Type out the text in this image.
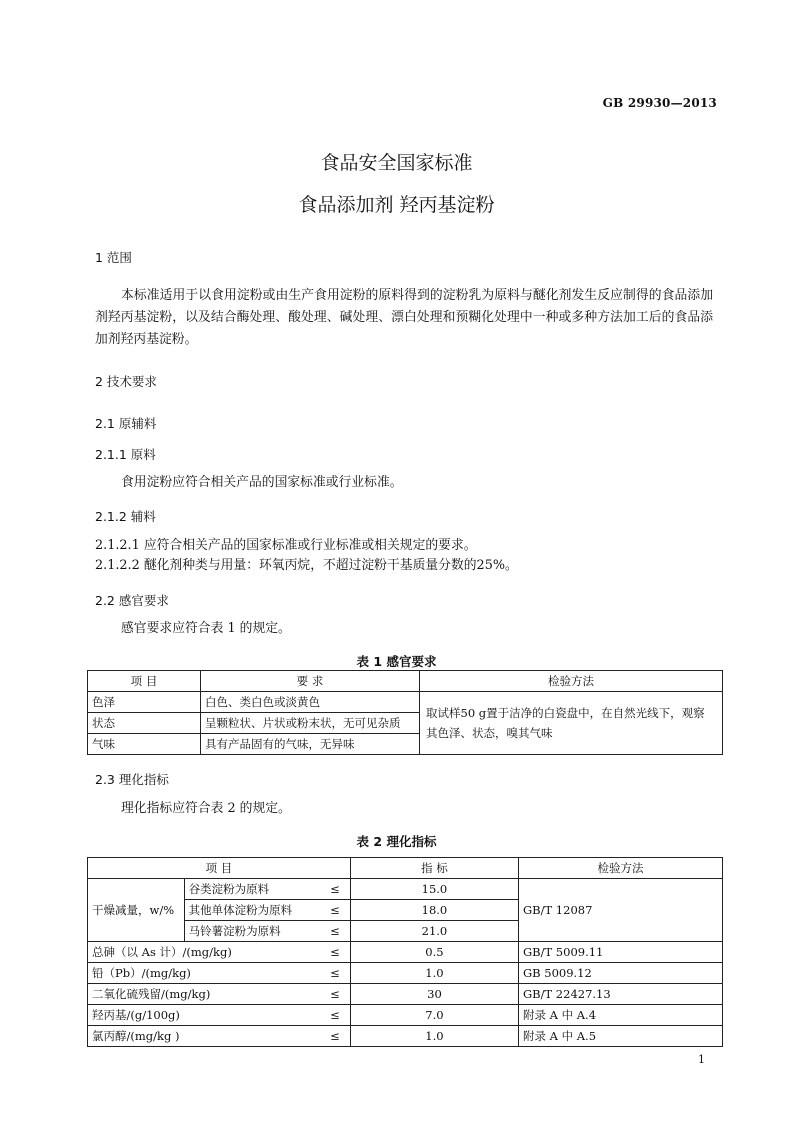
GB 29930—2013
食品安全国家标准
食品添加剂 羟丙基淀粉
1 范围
本标准适用于以食用淀粉或由生产食用淀粉的原料得到的淀粉乳为原料与醚化剂发生反应制得的食品添加剂羟丙基淀粉，以及结合酶处理、酸处理、碱处理、漂白处理和预糊化处理中一种或多种方法加工后的食品添加剂羟丙基淀粉。
2 技术要求
2.1 原辅料
2.1.1 原料
食用淀粉应符合相关产品的国家标准或行业标准。
2.1.2 辅料
2.1.2.1 应符合相关产品的国家标准或行业标准或相关规定的要求。
2.1.2.2 醚化剂种类与用量：环氧丙烷，不超过淀粉干基质量分数的25%。
2.2 感官要求
感官要求应符合表 1 的规定。
表 1 感官要求
项 目	要 求	检验方法
色泽	白色、类白色或淡黄色	取试样50 g置于洁净的白瓷盘中，在自然光线下，观察其色泽、状态，嗅其气味
状态	呈颗粒状、片状或粉末状，无可见杂质	
气味	具有产品固有的气味，无异味	
2.3 理化指标
理化指标应符合表 2 的规定。
表 2 理化指标
项 目			指 标	检验方法
干燥减量，w/%	谷类淀粉为原料	≤	15.0	GB/T 12087
	其他单体淀粉为原料	≤	18.0	
	马铃薯淀粉为原料	≤	21.0	
总砷（以 As 计）/(mg/kg)		≤	0.5	GB/T 5009.11
铅（Pb）/(mg/kg)		≤	1.0	GB 5009.12
二氧化硫残留/(mg/kg)		≤	30	GB/T 22427.13
羟丙基/(g/100g)		≤	7.0	附录 A 中 A.4
氯丙醇/(mg/kg )		≤	1.0	附录 A 中 A.5
1
